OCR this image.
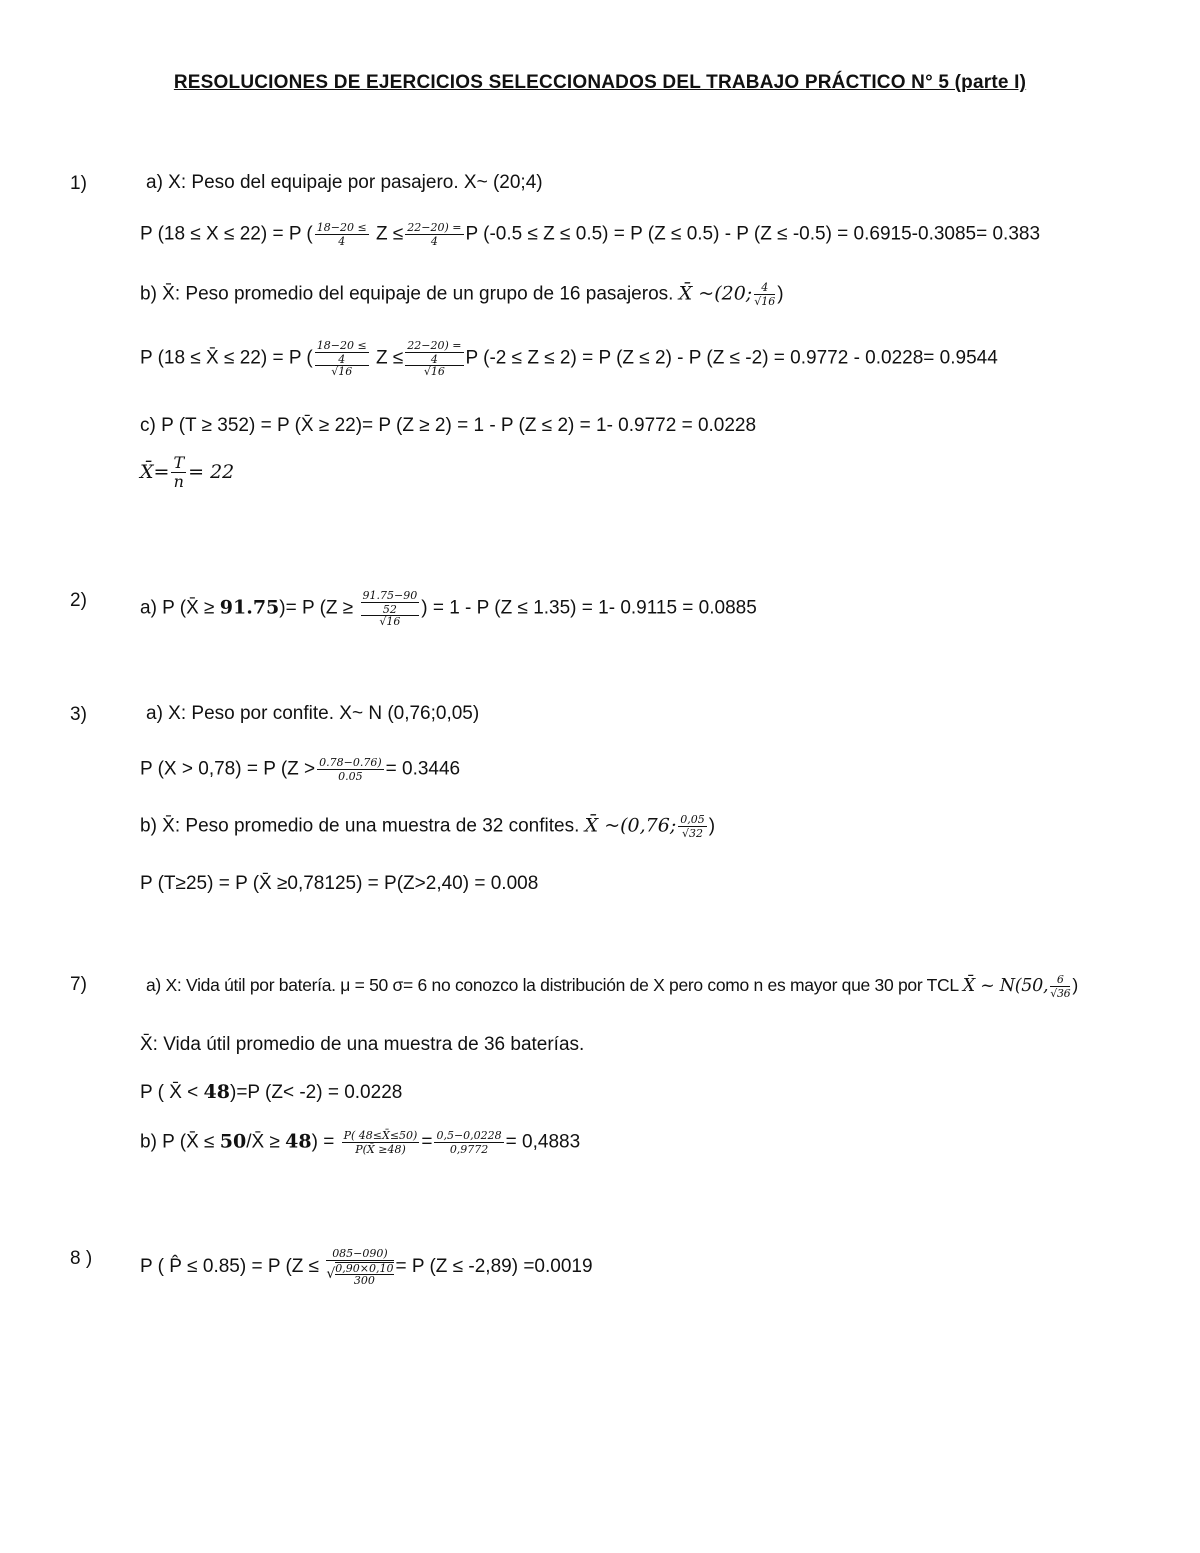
RESOLUCIONES DE EJERCICIOS SELECCIONADOS DEL TRABAJO PRÁCTICO N° 5 (parte I)
1)	a) X: Peso del equipaje por pasajero. X~ (20;4)
P (18 ≤ X ≤ 22) = P ( $\frac{18-20 \le}{4}$ $Z \le \frac{22-20) =}{4}$ P (-0.5 ≤ Z ≤ 0.5) = P (Z ≤ 0.5) - P (Z ≤ -0.5) = 0.6915-0.3085= 0.383
b) X̄: Peso promedio del equipaje de un grupo de 16 pasajeros. X̄ ~(20; 4
√ 16 )
P (18 ≤ X̄ ≤ 22) = P ( 18−20 ≤
4
√ 16 Z ≤ 22−20) =
4
√ 16 P (-2 ≤ Z ≤ 2) = P (Z ≤ 2) - P (Z ≤ -2) = 0.9772 - 0.0228= 0.9544
c) P (T ≥ 352) = P (X̄ ≥ 22)= P (Z ≥ 2) = 1 - P (Z ≤ 2) = 1- 0.9772 = 0.0228
X̄= $\frac{T}{n} = 22$
2)	a) P (X̄ ≥ 91.75)= P (Z ≥ 91.75−90
52
√ 16 ) = 1 - P (Z ≤ 1.35) = 1- 0.9115 = 0.0885
3)	a) X: Peso por confite. X~ N (0,76;0,05)
P (X > 0,78) = P ($Z > \frac{0.78-0.76)}{0.05} = 0.3446$
b) X̄: Peso promedio de una muestra de 32 confites. X̄ ~(0,76; 0,05
√ 32 )
P (T≥25) = P (X̄ ≥0,78125) = P(Z>2,40) = 0.008
7)	a) X: Vida útil por batería. μ = 50 σ= 6 no conozco la distribución de X pero como n es mayor que 30 por TCL X̄ ~ N(50, 6
√ 36 )
X̄: Vida útil promedio de una muestra de 36 baterías.
P ( X̄ < 48)=P (Z< -2) = 0.0228
b) P (X̄ ≤ 50/X̄ ≥ $48) = \frac{P( 48\le X̄\le 50)}{P(X̄ \ge 48)} = \frac{0,5-0,0228}{0,9772} = 0,4883$
8 )	P ( P̂ ≤ 0.85) = P ($Z \le \frac{085-090)}{√ \frac{0,90\times 0,10}{300}} = P$ (Z ≤ -2,89) =0.0019
